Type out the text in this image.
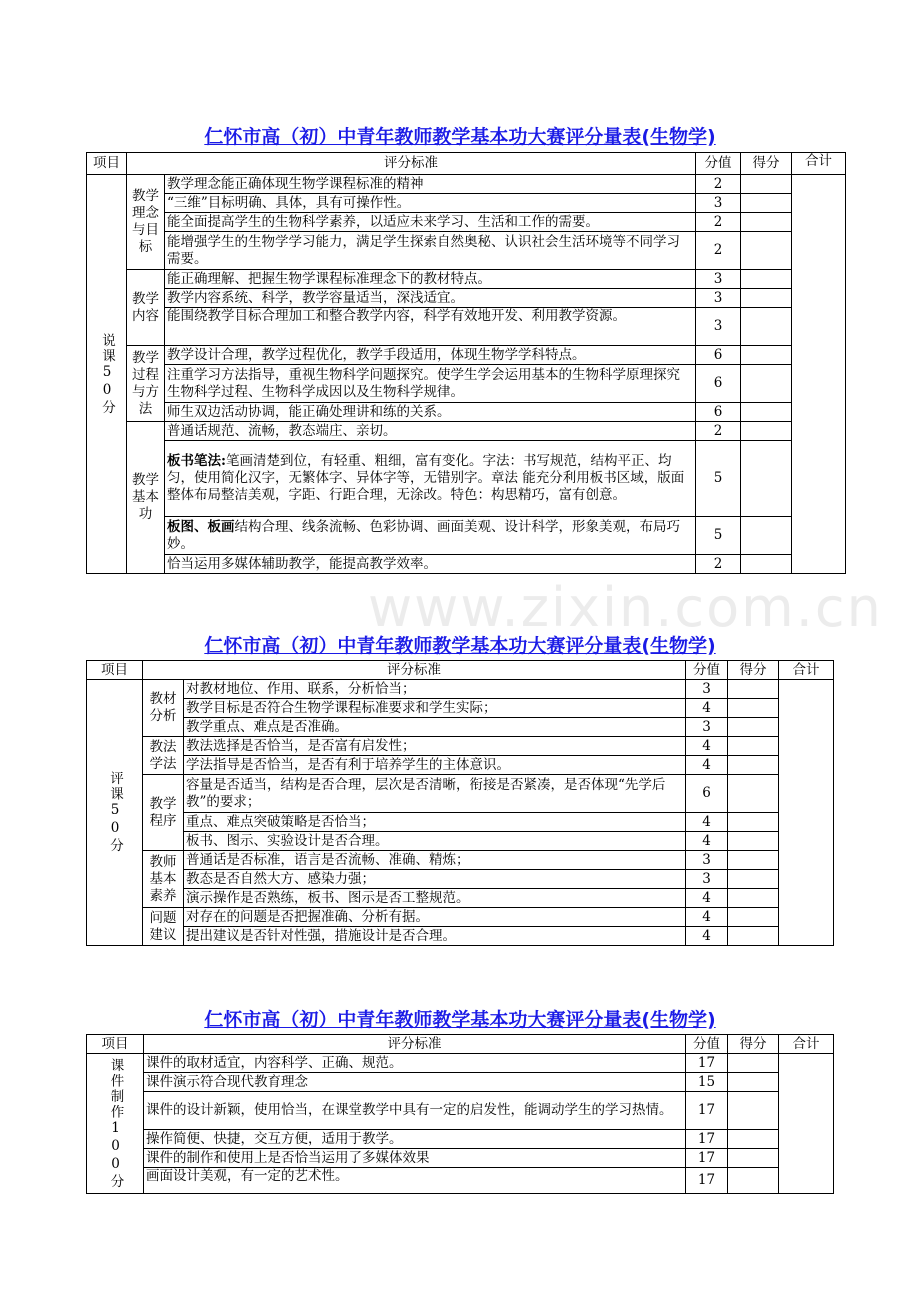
www.zixin.com.cn
仁怀市高（初）中青年教师教学基本功大赛评分量表(生物学)
项目	评分标准		分值	得分	合计
说课50分	教学理念与目标	教学理念能正确体现生物学课程标准的精神	2		
		“三维”目标明确、具体，具有可操作性。	3		
		能全面提高学生的生物科学素养，以适应未来学习、生活和工作的需要。	2		
		能增强学生的生物学学习能力，满足学生探索自然奥秘、认识社会生活环境等不同学习需要。	2		
	教学内容	能正确理解、把握生物学课程标准理念下的教材特点。	3		
		教学内容系统、科学，教学容量适当，深浅适宜。	3		
		能围绕教学目标合理加工和整合教学内容，科学有效地开发、利用教学资源。	3		
	教学过程与方法	教学设计合理，教学过程优化，教学手段适用，体现生物学学科特点。	6		
		注重学习方法指导，重视生物科学问题探究。使学生学会运用基本的生物科学原理探究生物科学过程、生物科学成因以及生物科学规律。	6		
		师生双边活动协调，能正确处理讲和练的关系。	6		
	教学基本功	普通话规范、流畅，教态端庄、亲切。	2		
		板书笔法:笔画清楚到位，有轻重、粗细，富有变化。字法：书写规范，结构平正、均匀，使用简化汉字，无繁体字、异体字等，无错别字。章法 能充分利用板书区域，版面整体布局整洁美观，字距、行距合理，无涂改。特色：构思精巧，富有创意。	5		
		板图、板画结构合理、线条流畅、色彩协调、画面美观、设计科学，形象美观，布局巧妙。	5		
		恰当运用多媒体辅助教学，能提高教学效率。	2		
仁怀市高（初）中青年教师教学基本功大赛评分量表(生物学)
项目	评分标准		分值	得分	合计
评课50分	教材分析	对教材地位、作用、联系，分析恰当；	3		
		教学目标是否符合生物学课程标准要求和学生实际；	4		
		教学重点、难点是否准确。	3		
	教法学法	教法选择是否恰当，是否富有启发性；	4		
		学法指导是否恰当，是否有利于培养学生的主体意识。	4		
	教学程序	容量是否适当，结构是否合理，层次是否清晰，衔接是否紧凑，是否体现“先学后教”的要求；	6		
		重点、难点突破策略是否恰当；	4		
		板书、图示、实验设计是否合理。	4		
	教师基本素养	普通话是否标准，语言是否流畅、准确、精炼；	3		
		教态是否自然大方、感染力强；	3		
		演示操作是否熟练，板书、图示是否工整规范。	4		
	问题建议	对存在的问题是否把握准确、分析有据。	4		
		提出建议是否针对性强，措施设计是否合理。	4		
仁怀市高（初）中青年教师教学基本功大赛评分量表(生物学)
项目	评分标准	分值	得分	合计
课件制作100分	课件的取材适宜，内容科学、正确、规范。	17		
	课件演示符合现代教育理念	15		
	课件的设计新颖，使用恰当，在课堂教学中具有一定的启发性，能调动学生的学习热情。	17		
	操作简便、快捷，交互方便，适用于教学。	17		
	课件的制作和使用上是否恰当运用了多媒体效果	17		
	画面设计美观，有一定的艺术性。	17		
